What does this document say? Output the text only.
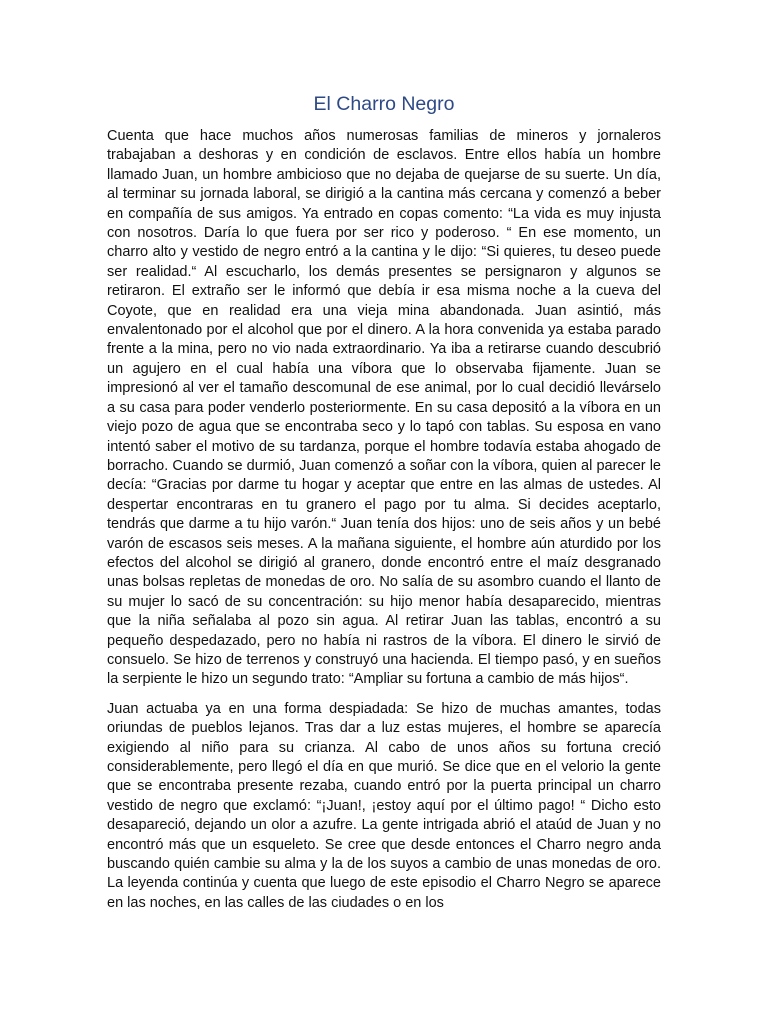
El Charro Negro

Cuenta que hace muchos años numerosas familias de mineros y jornaleros trabajaban a deshoras y en condición de esclavos. Entre ellos había un hombre llamado Juan, un hombre ambicioso que no dejaba de quejarse de su suerte. Un día, al terminar su jornada laboral, se dirigió a la cantina más cercana y comenzó a beber en compañía de sus amigos. Ya entrado en copas comento: “La vida es muy injusta con nosotros. Daría lo que fuera por ser rico y poderoso. “ En ese momento, un charro alto y vestido de negro entró a la cantina y le dijo: “Si quieres, tu deseo puede ser realidad.“ Al escucharlo, los demás presentes se persignaron y algunos se retiraron. El extraño ser le informó que debía ir esa misma noche a la cueva del Coyote, que en realidad era una vieja mina abandonada. Juan asintió, más envalentonado por el alcohol que por el dinero. A la hora convenida ya estaba parado frente a la mina, pero no vio nada extraordinario. Ya iba a retirarse cuando descubrió un agujero en el cual había una víbora que lo observaba fijamente. Juan se impresionó al ver el tamaño descomunal de ese animal, por lo cual decidió llevárselo a su casa para poder venderlo posteriormente. En su casa depositó a la víbora en un viejo pozo de agua que se encontraba seco y lo tapó con tablas. Su esposa en vano intentó saber el motivo de su tardanza, porque el hombre todavía estaba ahogado de borracho. Cuando se durmió, Juan comenzó a soñar con la víbora, quien al parecer le decía: “Gracias por darme tu hogar y aceptar que entre en las almas de ustedes. Al despertar encontraras en tu granero el pago por tu alma. Si decides aceptarlo, tendrás que darme a tu hijo varón.“ Juan tenía dos hijos: uno de seis años y un bebé varón de escasos seis meses. A la mañana siguiente, el hombre aún aturdido por los efectos del alcohol se dirigió al granero, donde encontró entre el maíz desgranado unas bolsas repletas de monedas de oro. No salía de su asombro cuando el llanto de su mujer lo sacó de su concentración: su hijo menor había desaparecido, mientras que la niña señalaba al pozo sin agua. Al retirar Juan las tablas, encontró a su pequeño despedazado, pero no había ni rastros de la víbora. El dinero le sirvió de consuelo. Se hizo de terrenos y construyó una hacienda. El tiempo pasó, y en sueños la serpiente le hizo un segundo trato: “Ampliar su fortuna a cambio de más hijos“.

Juan actuaba ya en una forma despiadada: Se hizo de muchas amantes, todas oriundas de pueblos lejanos. Tras dar a luz estas mujeres, el hombre se aparecía exigiendo al niño para su crianza. Al cabo de unos años su fortuna creció considerablemente, pero llegó el día en que murió. Se dice que en el velorio la gente que se encontraba presente rezaba, cuando entró por la puerta principal un charro vestido de negro que exclamó: “¡Juan!, ¡estoy aquí por el último pago! “ Dicho esto desapareció, dejando un olor a azufre. La gente intrigada abrió el ataúd de Juan y no encontró más que un esqueleto. Se cree que desde entonces el Charro negro anda buscando quién cambie su alma y la de los suyos a cambio de unas monedas de oro. La leyenda continúa y cuenta que luego de este episodio el Charro Negro se aparece en las noches, en las calles de las ciudades o en los
